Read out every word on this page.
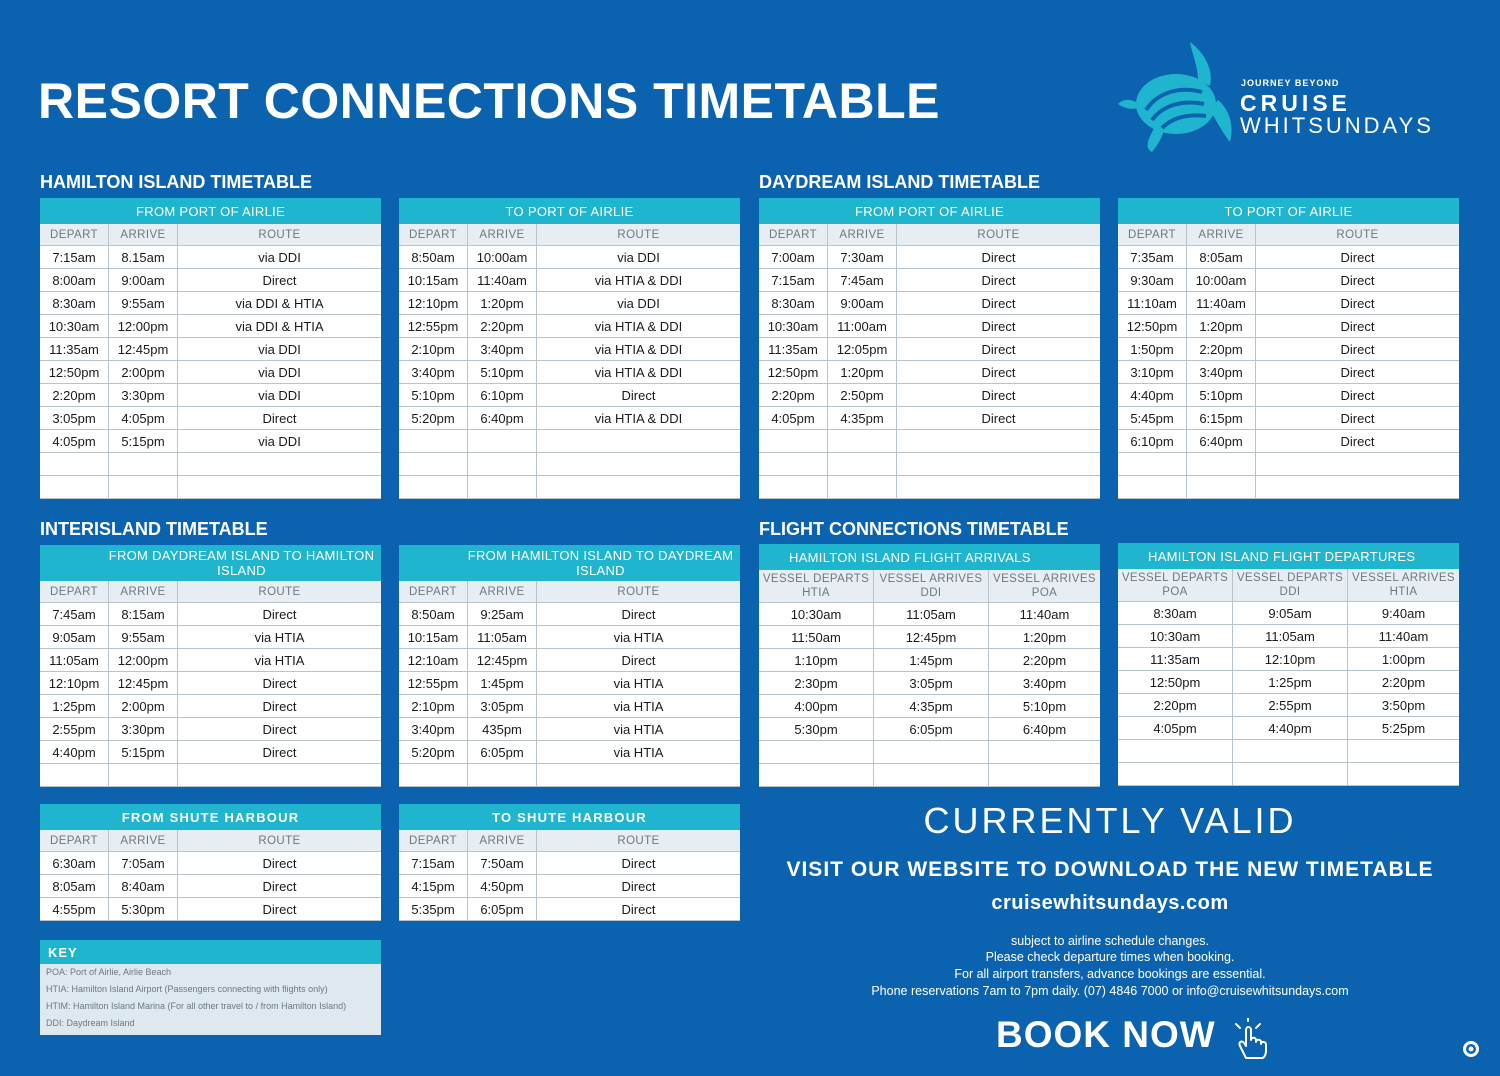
RESORT CONNECTIONS TIMETABLE	JOURNEY BEYOND
CRUISE
WHITSUNDAYS
HAMILTON ISLAND TIMETABLE	DAYDREAM ISLAND TIMETABLE
INTERISLAND TIMETABLE	FLIGHT CONNECTIONS TIMETABLE
FROM PORT OF AIRLIE
DEPART	ARRIVE	ROUTE
7:15am	8.15am	via DDI
8:00am	9:00am	Direct
8:30am	9:55am	via DDI & HTIA
10:30am	12:00pm	via DDI & HTIA
11:35am	12:45pm	via DDI
12:50pm	2:00pm	via DDI
2:20pm	3:30pm	via DDI
3:05pm	4:05pm	Direct
4:05pm	5:15pm	via DDI
TO PORT OF AIRLIE
DEPART	ARRIVE	ROUTE
8:50am	10:00am	via DDI
10:15am	11:40am	via HTIA & DDI
12:10pm	1:20pm	via DDI
12:55pm	2:20pm	via HTIA & DDI
2:10pm	3:40pm	via HTIA & DDI
3:40pm	5:10pm	via HTIA & DDI
5:10pm	6:10pm	Direct
5:20pm	6:40pm	via HTIA & DDI
FROM PORT OF AIRLIE
DEPART	ARRIVE	ROUTE
7:00am	7:30am	Direct
7:15am	7:45am	Direct
8:30am	9:00am	Direct
10:30am	11:00am	Direct
11:35am	12:05pm	Direct
12:50pm	1:20pm	Direct
2:20pm	2:50pm	Direct
4:05pm	4:35pm	Direct
TO PORT OF AIRLIE
DEPART	ARRIVE	ROUTE
7:35am	8:05am	Direct
9:30am	10:00am	Direct
11:10am	11:40am	Direct
12:50pm	1:20pm	Direct
1:50pm	2:20pm	Direct
3:10pm	3:40pm	Direct
4:40pm	5:10pm	Direct
5:45pm	6:15pm	Direct
6:10pm	6:40pm	Direct
FROM DAYDREAM ISLAND TO HAMILTON ISLAND
DEPART	ARRIVE	ROUTE
7:45am	8:15am	Direct
9:05am	9:55am	via HTIA
11:05am	12:00pm	via HTIA
12:10pm	12:45pm	Direct
1:25pm	2:00pm	Direct
2:55pm	3:30pm	Direct
4:40pm	5:15pm	Direct
FROM HAMILTON ISLAND TO DAYDREAM ISLAND
DEPART	ARRIVE	ROUTE
8:50am	9:25am	Direct
10:15am	11:05am	via HTIA
12:10am	12:45pm	Direct
12:55pm	1:45pm	via HTIA
2:10pm	3:05pm	via HTIA
3:40pm	435pm	via HTIA
5:20pm	6:05pm	via HTIA
HAMILTON ISLAND FLIGHT ARRIVALS
VESSEL DEPARTS HTIA
VESSEL ARRIVES DDI
VESSEL ARRIVES POA
10:30am	11:05am	11:40am
11:50am	12:45pm	1:20pm
1:10pm	1:45pm	2:20pm
2:30pm	3:05pm	3:40pm
4:00pm	4:35pm	5:10pm
5:30pm	6:05pm	6:40pm
HAMILTON ISLAND FLIGHT DEPARTURES
VESSEL DEPARTS POA
VESSEL DEPARTS DDI
VESSEL ARRIVES HTIA
8:30am	9:05am	9:40am
10:30am	11:05am	11:40am
11:35am	12:10pm	1:00pm
12:50pm	1:25pm	2:20pm
2:20pm	2:55pm	3:50pm
4:05pm	4:40pm	5:25pm
FROM SHUTE HARBOUR
DEPART	ARRIVE	ROUTE
6:30am	7:05am	Direct
8:05am	8:40am	Direct
4:55pm	5:30pm	Direct
TO SHUTE HARBOUR
DEPART	ARRIVE	ROUTE
7:15am	7:50am	Direct
4:15pm	4:50pm	Direct
5:35pm	6:05pm	Direct
KEY
POA: Port of Airlie, Airlie Beach
HTIA: Hamilton Island Airport (Passengers connecting with flights only)
HTIM: Hamilton Island Marina (For all other travel to / from Hamilton Island)
DDI: Daydream Island
CURRENTLY VALID
VISIT OUR WEBSITE TO DOWNLOAD THE NEW TIMETABLE
cruisewhitsundays.com
subject to airline schedule changes.
Please check departure times when booking.
For all airport transfers, advance bookings are essential.
Phone reservations 7am to 7pm daily. (07) 4846 7000 or info@cruisewhitsundays.com
BOOK NOW
